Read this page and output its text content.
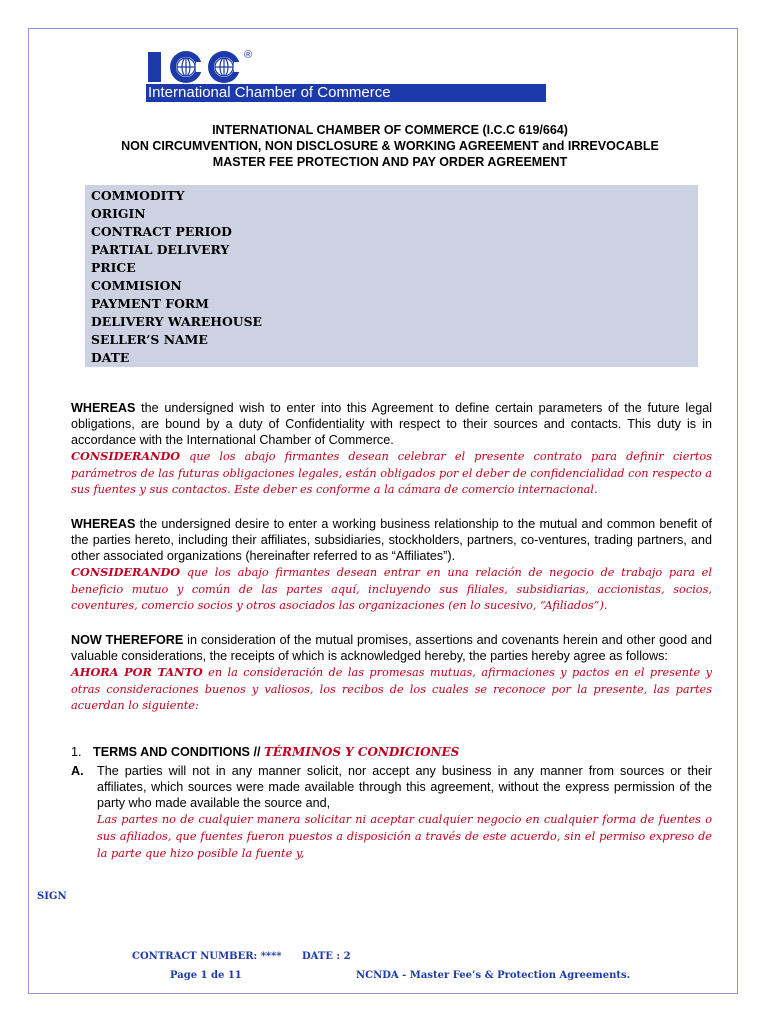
®
International Chamber of Commerce
INTERNATIONAL CHAMBER OF COMMERCE (I.C.C 619/664)
NON CIRCUMVENTION, NON DISCLOSURE & WORKING AGREEMENT and IRREVOCABLE
MASTER FEE PROTECTION AND PAY ORDER AGREEMENT
COMMODITY
ORIGIN
CONTRACT PERIOD
PARTIAL DELIVERY
PRICE
COMMISION
PAYMENT FORM
DELIVERY WAREHOUSE
SELLER’S NAME
DATE
WHEREAS the undersigned wish to enter into this Agreement to define certain parameters of the future legal obligations, are bound by a duty of Confidentiality with respect to their sources and contacts. This duty is in accordance with the International Chamber of Commerce.
CONSIDERANDO que los abajo firmantes desean celebrar el presente contrato para definir ciertos parámetros de las futuras obligaciones legales, están obligados por el deber de confidencialidad con respecto a sus fuentes y sus contactos. Este deber es conforme a la cámara de comercio internacional.
WHEREAS the undersigned desire to enter a working business relationship to the mutual and common benefit of the parties hereto, including their affiliates, subsidiaries, stockholders, partners, co-ventures, trading partners, and other associated organizations (hereinafter referred to as “Affiliates”).
CONSIDERANDO que los abajo firmantes desean entrar en una relación de negocio de trabajo para el beneficio mutuo y común de las partes aquí, incluyendo sus filiales, subsidiarias, accionistas, socios, coventures, comercio socios y otros asociados las organizaciones (en lo sucesivo, “Afiliados”).
NOW THEREFORE in consideration of the mutual promises, assertions and covenants herein and other good and valuable considerations, the receipts of which is acknowledged hereby, the parties hereby agree as follows:
AHORA POR TANTO en la consideración de las promesas mutuas, afirmaciones y pactos en el presente y otras consideraciones buenos y valiosos, los recibos de los cuales se reconoce por la presente, las partes acuerdan lo siguiente:
1. TERMS AND CONDITIONS // TÉRMINOS Y CONDICIONES
A. The parties will not in any manner solicit, nor accept any business in any manner from sources or their affiliates, which sources were made available through this agreement, without the express permission of the party who made available the source and,
Las partes no de cualquier manera solicitar ni aceptar cualquier negocio en cualquier forma de fuentes o sus afiliados, que fuentes fueron puestos a disposición a través de este acuerdo, sin el permiso expreso de la parte que hizo posible la fuente y,
SIGN
CONTRACT NUMBER: **** DATE : 2
Page 1 de 11	NCNDA - Master Fee’s & Protection Agreements.
